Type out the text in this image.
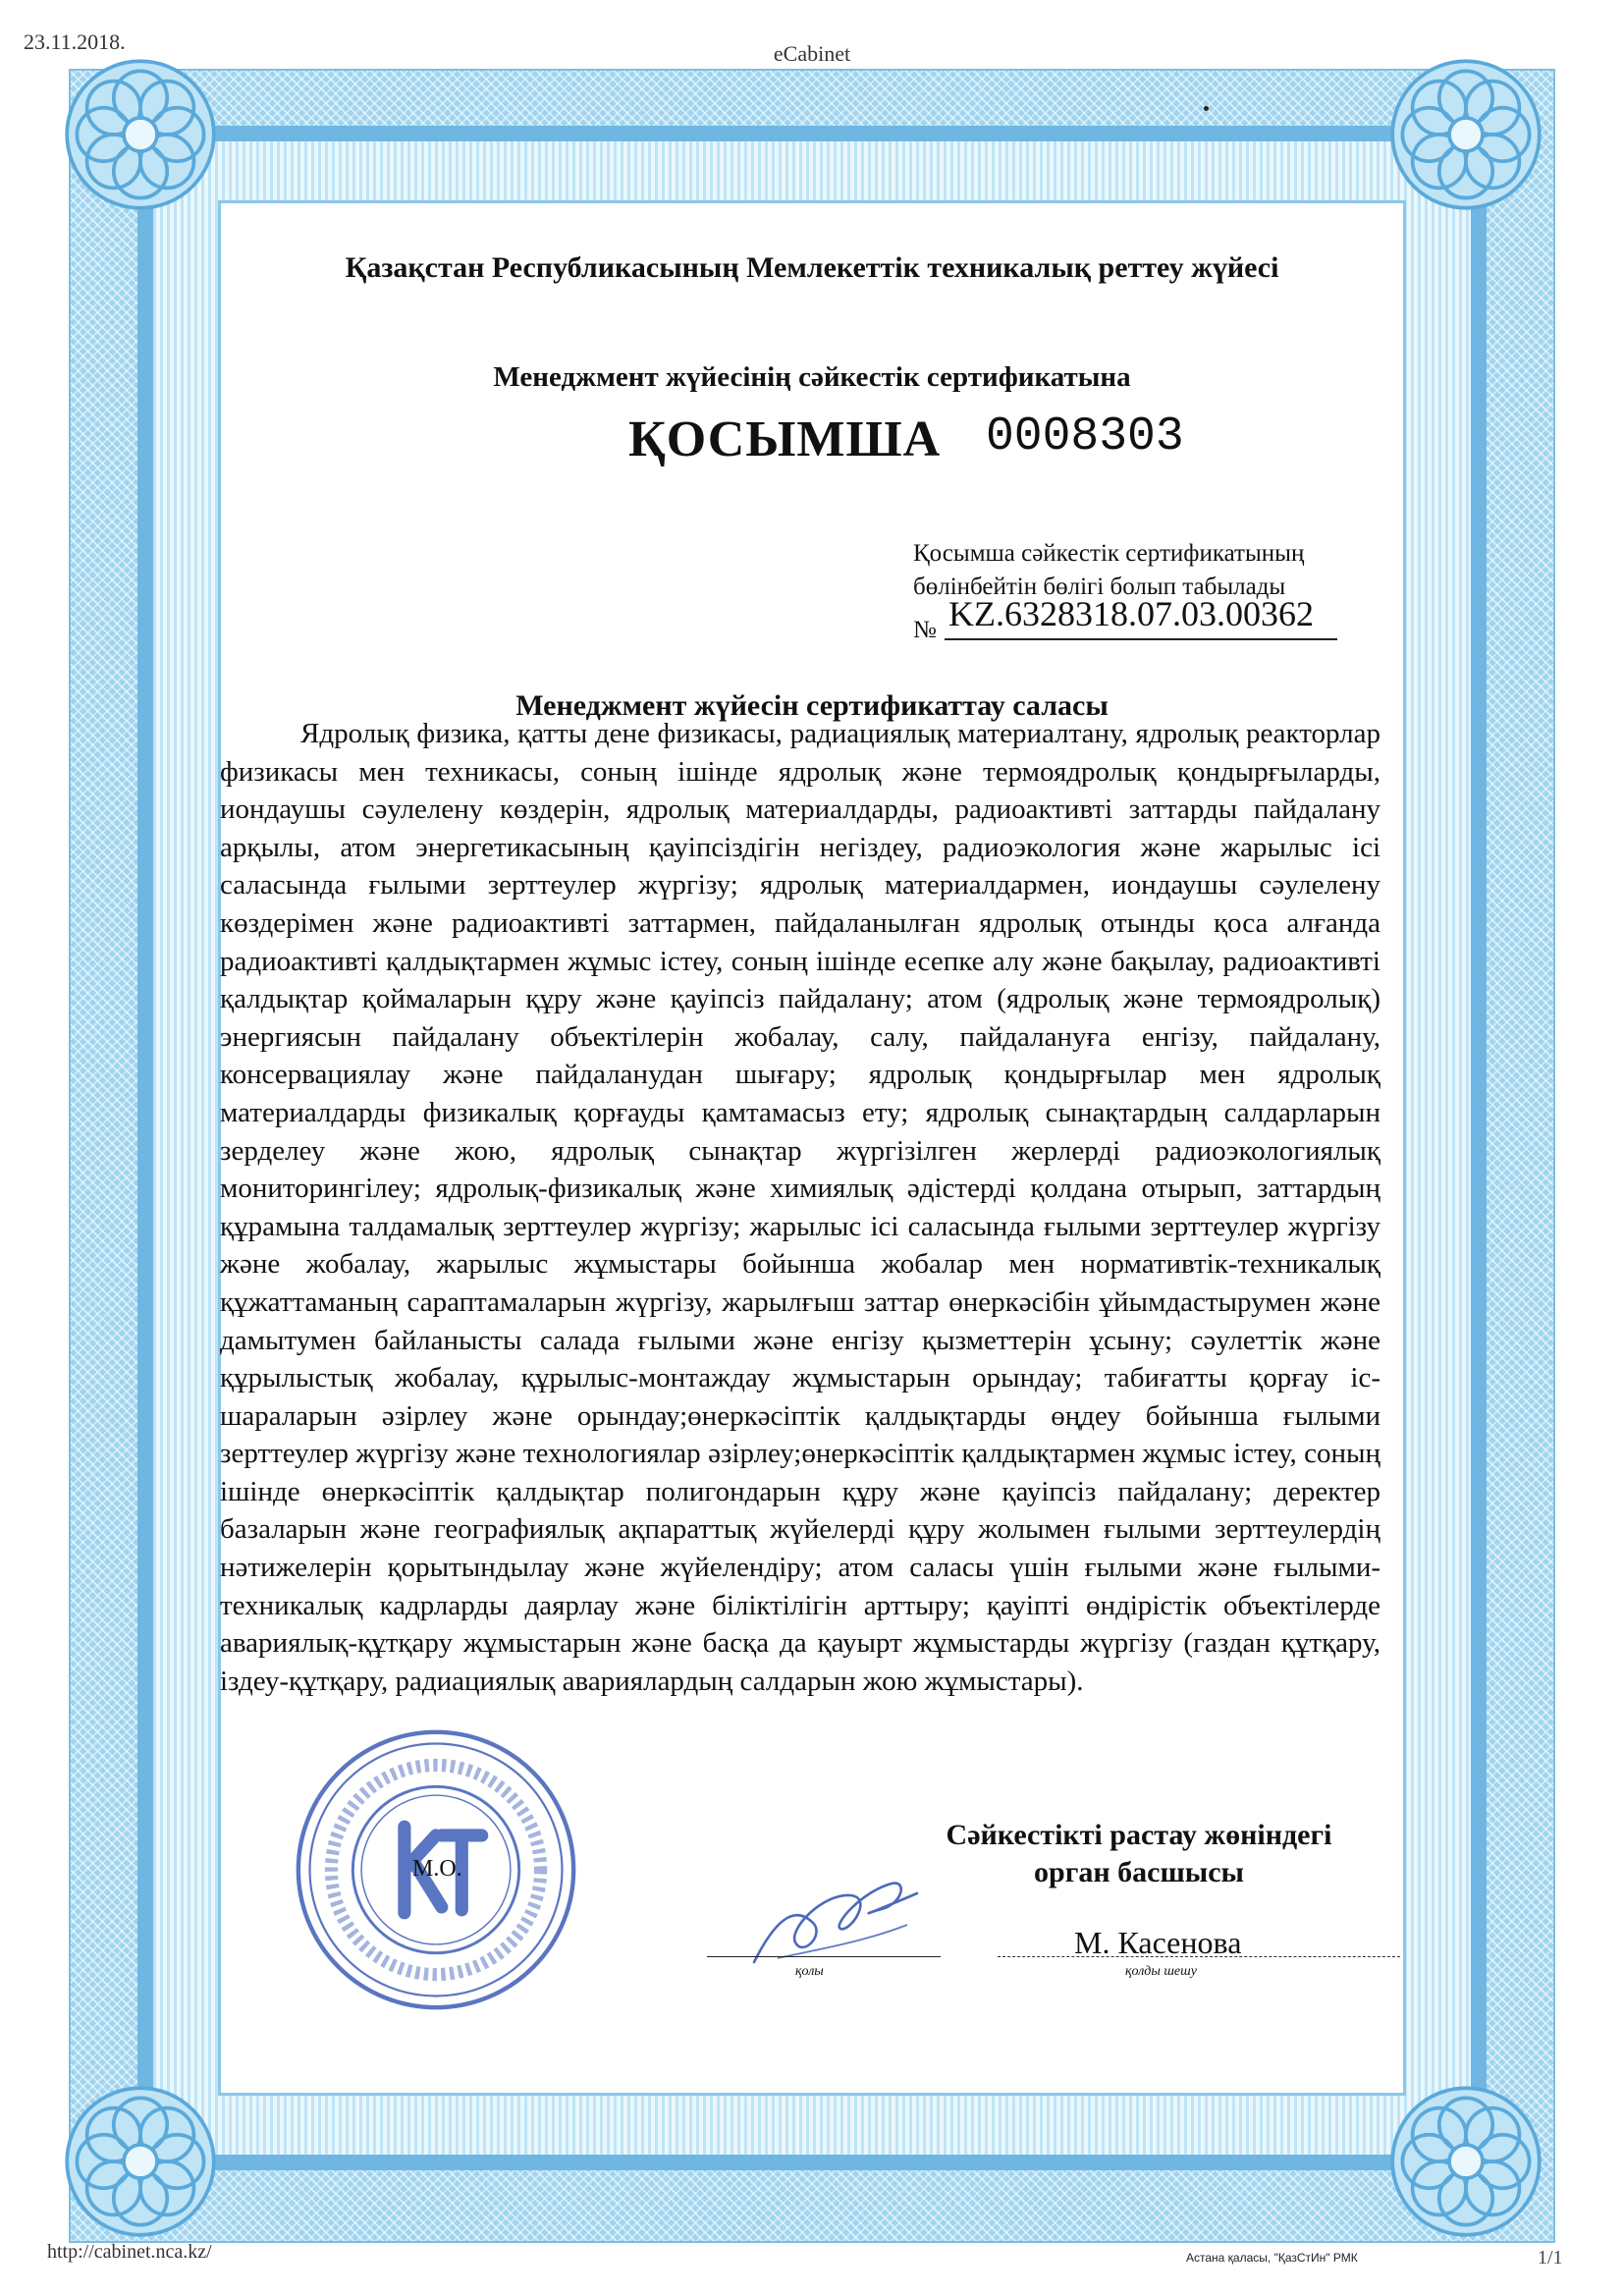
23.11.2018.	eCabinet
Қазақстан Республикасының Мемлекеттік техникалық реттеу жүйесі
Менеджмент жүйесінің сәйкестік сертификатына
ҚОСЫМША 0008303
Қосымша сәйкестік сертификатының
бөлінбейтін бөлігі болып табылады
№ KZ.6328318.07.03.00362
Менеджмент жүйесін сертификаттау саласы
Ядролық физика, қатты дене физикасы, радиациялық материалтану, ядролық реакторлар физикасы мен техникасы, соның ішінде ядролық және термоядролық қондырғыларды, иондаушы сәулелену көздерін, ядролық материалдарды, радиоактивті заттарды пайдалану арқылы, атом энергетикасының қауіпсіздігін негіздеу, радиоэкология және жарылыс ісі саласында ғылыми зерттеулер жүргізу; ядролық материалдармен, иондаушы сәулелену көздерімен және радиоактивті заттармен, пайдаланылған ядролық отынды қоса алғанда радиоактивті қалдықтармен жұмыс істеу, соның ішінде есепке алу және бақылау, радиоактивті қалдықтар қоймаларын құру және қауіпсіз пайдалану; атом (ядролық және термоядролық) энергиясын пайдалану объектілерін жобалау, салу, пайдалануға енгізу, пайдалану, консервациялау және пайдаланудан шығару; ядролық қондырғылар мен ядролық материалдарды физикалық қорғауды қамтамасыз ету; ядролық сынақтардың салдарларын зерделеу және жою, ядролық сынақтар жүргізілген жерлерді радиоэкологиялық мониторингілеу; ядролық-физикалық және химиялық әдістерді қолдана отырып, заттардың құрамына талдамалық зерттеулер жүргізу; жарылыс ісі саласында ғылыми зерттеулер жүргізу және жобалау, жарылыс жұмыстары бойынша жобалар мен нормативтік-техникалық құжаттаманың сараптамаларын жүргізу, жарылғыш заттар өнеркәсібін ұйымдастырумен және дамытумен байланысты салада ғылыми және енгізу қызметтерін ұсыну; сәулеттік және құрылыстық жобалау, құрылыс-монтаждау жұмыстарын орындау; табиғатты қорғау іс-шараларын әзірлеу және орындау;өнеркәсіптік қалдықтарды өңдеу бойынша ғылыми зерттеулер жүргізу және технологиялар әзірлеу;өнеркәсіптік қалдықтармен жұмыс істеу, соның ішінде өнеркәсіптік қалдықтар полигондарын құру және қауіпсіз пайдалану; деректер базаларын және географиялық ақпараттық жүйелерді құру жолымен ғылыми зерттеулердің нәтижелерін қорытындылау және жүйелендіру; атом саласы үшін ғылыми және ғылыми-техникалық кадрларды даярлау және біліктілігін арттыру; қауіпті өндірістік объектілерде авариялық-құтқару жұмыстарын және басқа да қауырт жұмыстарды жүргізу (газдан құтқару, іздеу-құтқару, радиациялық авариялардың салдарын жою жұмыстары).
М.О.
Сәйкестікті растау жөніндегі
орган басшысы
М. Касенова
қолы	қолды шешу
http://cabinet.nca.kz/	Астана қаласы, "ҚазСтИн" РМК	1/1
